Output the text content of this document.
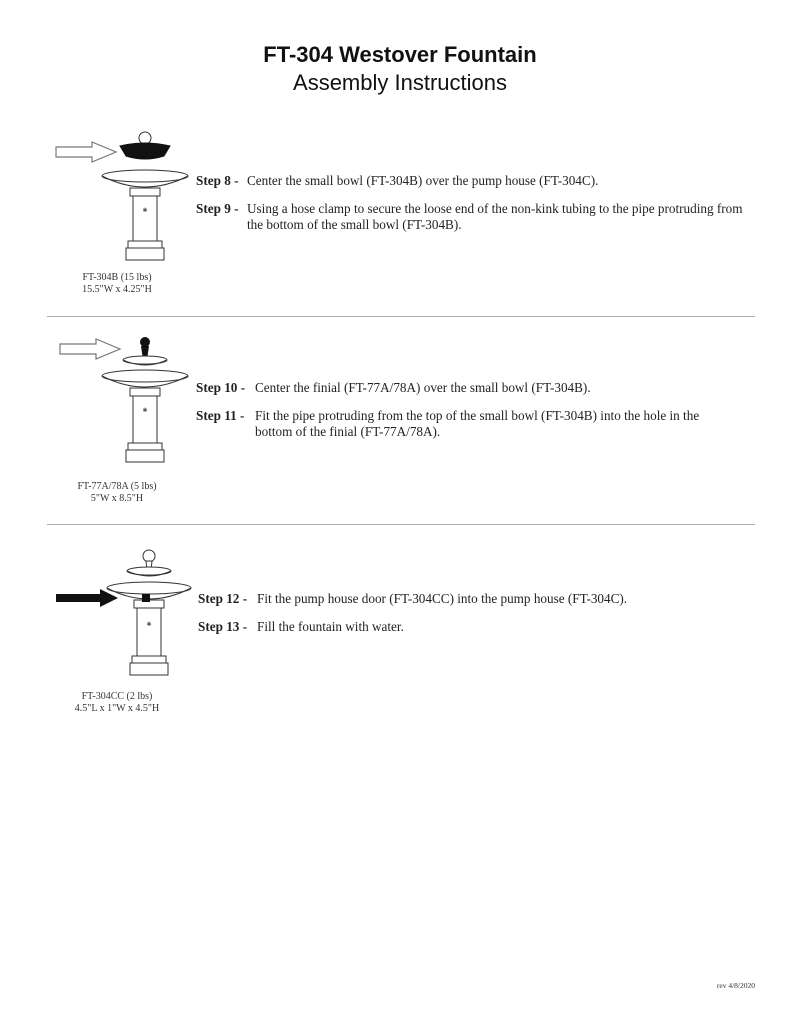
FT-304 Westover Fountain
Assembly Instructions
✱
FT-304B (15 lbs)
15.5"W x 4.25"H
Step 8 - Center the small bowl (FT-304B) over the pump house (FT-304C).
Step 9 - Using a hose clamp to secure the loose end of the non-kink tubing to the pipe protruding from the bottom of the small bowl (FT-304B).
✱
FT-77A/78A (5 lbs)
5"W x 8.5"H
Step 10 - Center the finial (FT-77A/78A) over the small bowl (FT-304B).
Step 11 - Fit the pipe protruding from the top of the small bowl (FT-304B) into the hole in the bottom of the finial (FT-77A/78A).
✱
FT-304CC (2 lbs)
4.5"L x 1"W x 4.5"H
Step 12 - Fit the pump house door (FT-304CC) into the pump house (FT-304C).
Step 13 - Fill the fountain with water.
rev 4/8/2020
